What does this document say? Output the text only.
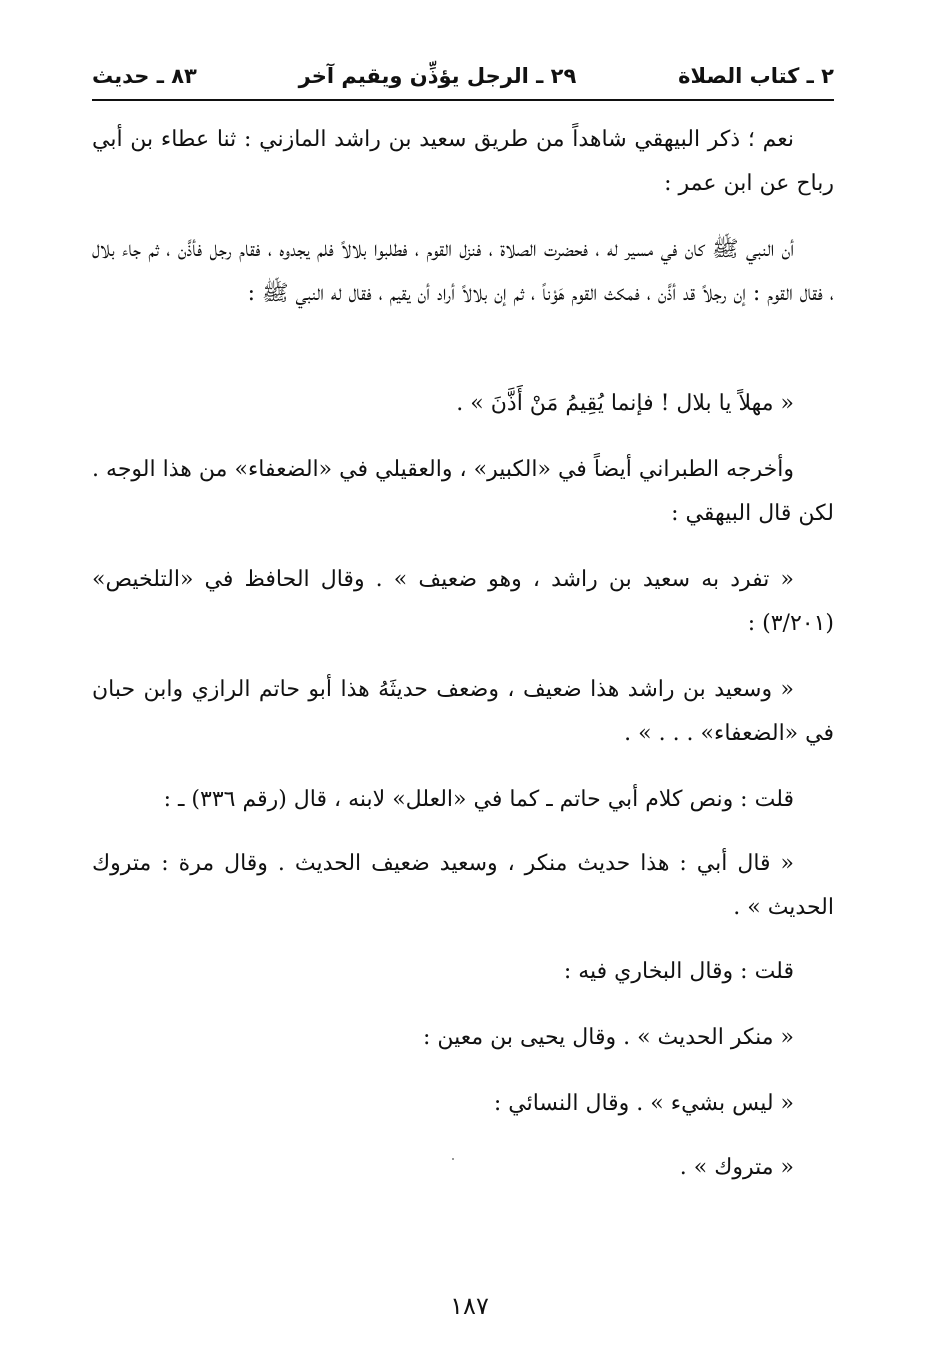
٢ ـ كتاب الصلاة
٢٩ ـ الرجل يؤذِّن ويقيم آخر
٨٣ ـ حديث

نعم ؛ ذكر البيهقي شاهداً من طريق سعيد بن راشد المازني : ثنا عطاء بن أبي رباح عن ابن عمر :

أن النبي ﷺ كان في مسير له ، فحضرت الصلاة ، فنزل القوم ، فطلبوا بلالاً فلم يجدوه ، فقام رجل فأذَّن ، ثم جاء بلال ، فقال القوم : إن رجلاً قد أذَّن ، فمكث القوم هَوْناً ، ثم إن بلالاً أراد أن يقيم ، فقال له النبي ﷺ :

« مهلاً يا بلال ! فإنما يُقِيمُ مَنْ أَذَّنَ » .

وأخرجه الطبراني أيضاً في «الكبير» ، والعقيلي في «الضعفاء» من هذا الوجه . لكن قال البيهقي :

« تفرد به سعيد بن راشد ، وهو ضعيف » . وقال الحافظ في «التلخيص» (٣/٢٠١) :

« وسعيد بن راشد هذا ضعيف ، وضعف حديثَهُ هذا أبو حاتم الرازي وابن حبان في «الضعفاء» . . . » .

قلت : ونص كلام أبي حاتم ـ كما في «العلل» لابنه ، قال (رقم ٣٣٦) ـ :

« قال أبي : هذا حديث منكر ، وسعيد ضعيف الحديث . وقال مرة : متروك الحديث » .

قلت : وقال البخاري فيه :

« منكر الحديث » . وقال يحيى بن معين :

« ليس بشيء » . وقال النسائي :

« متروك » .

١٨٧
